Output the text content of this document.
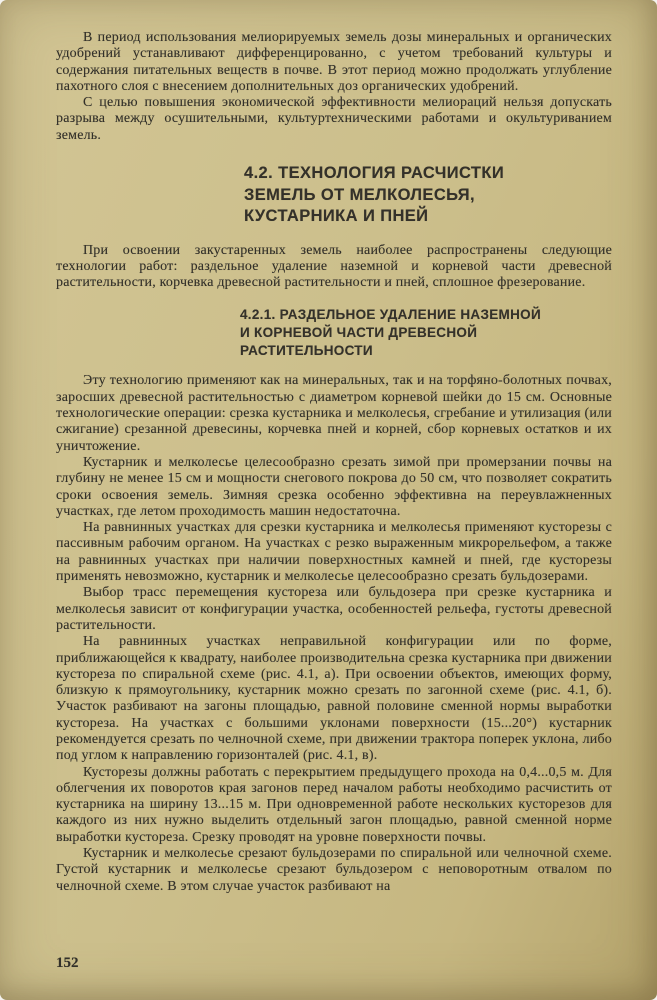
В период использования мелиорируемых земель дозы минеральных и органических удобрений устанавливают дифференцированно, с учетом требований культуры и содержания питательных веществ в почве. В этот период можно продолжать углубление пахотного слоя с внесением дополнительных доз органических удобрений.

С целью повышения экономической эффективности мелиораций нельзя допускать разрыва между осушительными, культуртехническими работами и окультуриванием земель.

4.2. ТЕХНОЛОГИЯ РАСЧИСТКИ
ЗЕМЕЛЬ ОТ МЕЛКОЛЕСЬЯ,
КУСТАРНИКА И ПНЕЙ

При освоении закустаренных земель наиболее распространены следующие технологии работ: раздельное удаление наземной и корневой части древесной растительности, корчевка древесной растительности и пней, сплошное фрезерование.

4.2.1. РАЗДЕЛЬНОЕ УДАЛЕНИЕ НАЗЕМНОЙ
И КОРНЕВОЙ ЧАСТИ ДРЕВЕСНОЙ
РАСТИТЕЛЬНОСТИ

Эту технологию применяют как на минеральных, так и на торфяно-болотных почвах, заросших древесной растительностью с диаметром корневой шейки до 15 см. Основные технологические операции: срезка кустарника и мелколесья, сгребание и утилизация (или сжигание) срезанной древесины, корчевка пней и корней, сбор корневых остатков и их уничтожение.

Кустарник и мелколесье целесообразно срезать зимой при промерзании почвы на глубину не менее 15 см и мощности снегового покрова до 50 см, что позволяет сократить сроки освоения земель. Зимняя срезка особенно эффективна на переувлажненных участках, где летом проходимость машин недостаточна.

На равнинных участках для срезки кустарника и мелколесья применяют кусторезы с пассивным рабочим органом. На участках с резко выраженным микрорельефом, а также на равнинных участках при наличии поверхностных камней и пней, где кусторезы применять невозможно, кустарник и мелколесье целесообразно срезать бульдозерами.

Выбор трасс перемещения кустореза или бульдозера при срезке кустарника и мелколесья зависит от конфигурации участка, особенностей рельефа, густоты древесной растительности.

На равнинных участках неправильной конфигурации или по форме, приближающейся к квадрату, наиболее производительна срезка кустарника при движении кустореза по спиральной схеме (рис. 4.1, а). При освоении объектов, имеющих форму, близкую к прямоугольнику, кустарник можно срезать по загонной схеме (рис. 4.1, б). Участок разбивают на загоны площадью, равной половине сменной нормы выработки кустореза. На участках с большими уклонами поверхности (15...20°) кустарник рекомендуется срезать по челночной схеме, при движении трактора поперек уклона, либо под углом к направлению горизонталей (рис. 4.1, в).

Кусторезы должны работать с перекрытием предыдущего прохода на 0,4...0,5 м. Для облегчения их поворотов края загонов перед началом работы необходимо расчистить от кустарника на ширину 13...15 м. При одновременной работе нескольких кусторезов для каждого из них нужно выделить отдельный загон площадью, равной сменной норме выработки кустореза. Срезку проводят на уровне поверхности почвы.

Кустарник и мелколесье срезают бульдозерами по спиральной или челночной схеме. Густой кустарник и мелколесье срезают бульдозером с неповоротным отвалом по челночной схеме. В этом случае участок разбивают на

152
